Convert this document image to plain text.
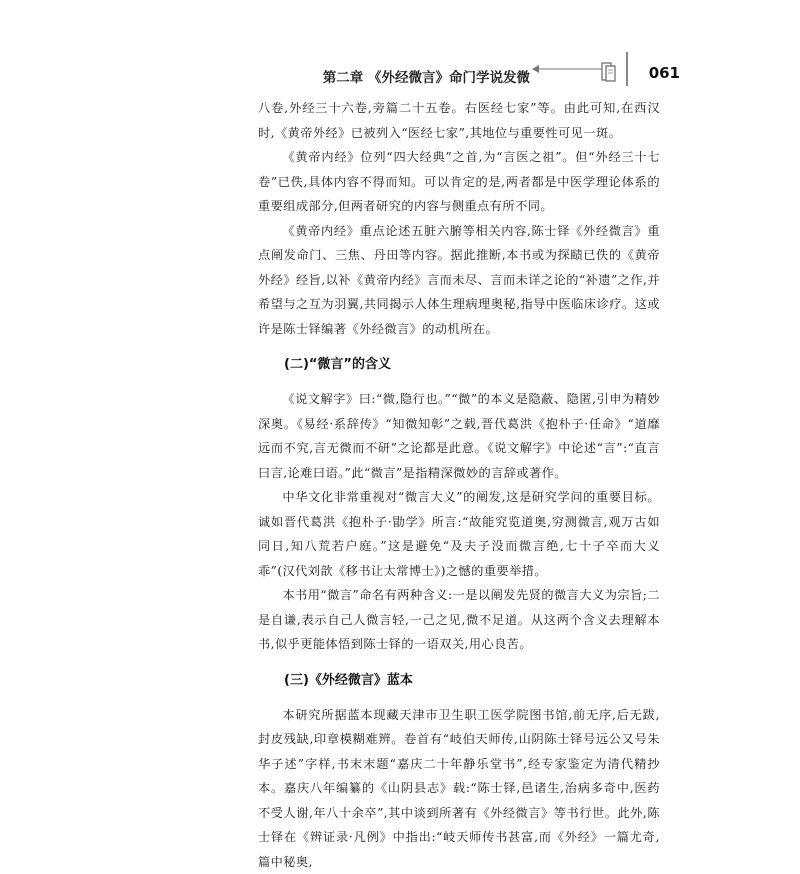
第二章 《外经微言》命门学说发微	061

八卷,外经三十六卷,旁篇二十五卷。右医经七家”等。由此可知,在西汉时,《黄帝外经》已被列入“医经七家”,其地位与重要性可见一斑。

《黄帝内经》位列“四大经典”之首,为“言医之祖”。但“外经三十七卷”已佚,具体内容不得而知。可以肯定的是,两者都是中医学理论体系的重要组成部分,但两者研究的内容与侧重点有所不同。

《黄帝内经》重点论述五脏六腑等相关内容,陈士铎《外经微言》重点阐发命门、三焦、丹田等内容。据此推断,本书或为探赜已佚的《黄帝外经》经旨,以补《黄帝内经》言而未尽、言而未详之论的“补遗”之作,并希望与之互为羽翼,共同揭示人体生理病理奥秘,指导中医临床诊疗。这或许是陈士铎编著《外经微言》的动机所在。

(二)“微言”的含义

《说文解字》曰:“微,隐行也。”“微”的本义是隐蔽、隐匿,引申为精妙深奥。《易经·系辞传》“知微知彰”之载,晋代葛洪《抱朴子·任命》“道靡远而不究,言无微而不研”之论都是此意。《说文解字》中论述“言”:“直言曰言,论难曰语。”此“微言”是指精深微妙的言辞或著作。

中华文化非常重视对“微言大义”的阐发,这是研究学问的重要目标。诚如晋代葛洪《抱朴子·勖学》所言:“故能究览道奥,穷测微言,观万古如同日,知八荒若户庭。”这是避免“及夫子没而微言绝,七十子卒而大义乖”(汉代刘歆《移书让太常博士》)之憾的重要举措。

本书用“微言”命名有两种含义:一是以阐发先贤的微言大义为宗旨;二是自谦,表示自己人微言轻,一己之见,微不足道。从这两个含义去理解本书,似乎更能体悟到陈士铎的一语双关,用心良苦。

(三)《外经微言》蓝本

本研究所据蓝本现藏天津市卫生职工医学院图书馆,前无序,后无跋,封皮残缺,印章模糊难辨。卷首有“岐伯天师传,山阴陈士铎号远公又号朱华子述”字样,书末末题“嘉庆二十年静乐堂书”,经专家鉴定为清代精抄本。嘉庆八年编纂的《山阴县志》载:“陈士铎,邑诸生,治病多奇中,医药不受人谢,年八十余卒”,其中谈到所著有《外经微言》等书行世。此外,陈士铎在《辨证录·凡例》中指出:“岐天师传书甚富,而《外经》一篇尤奇,篇中秘奥,
